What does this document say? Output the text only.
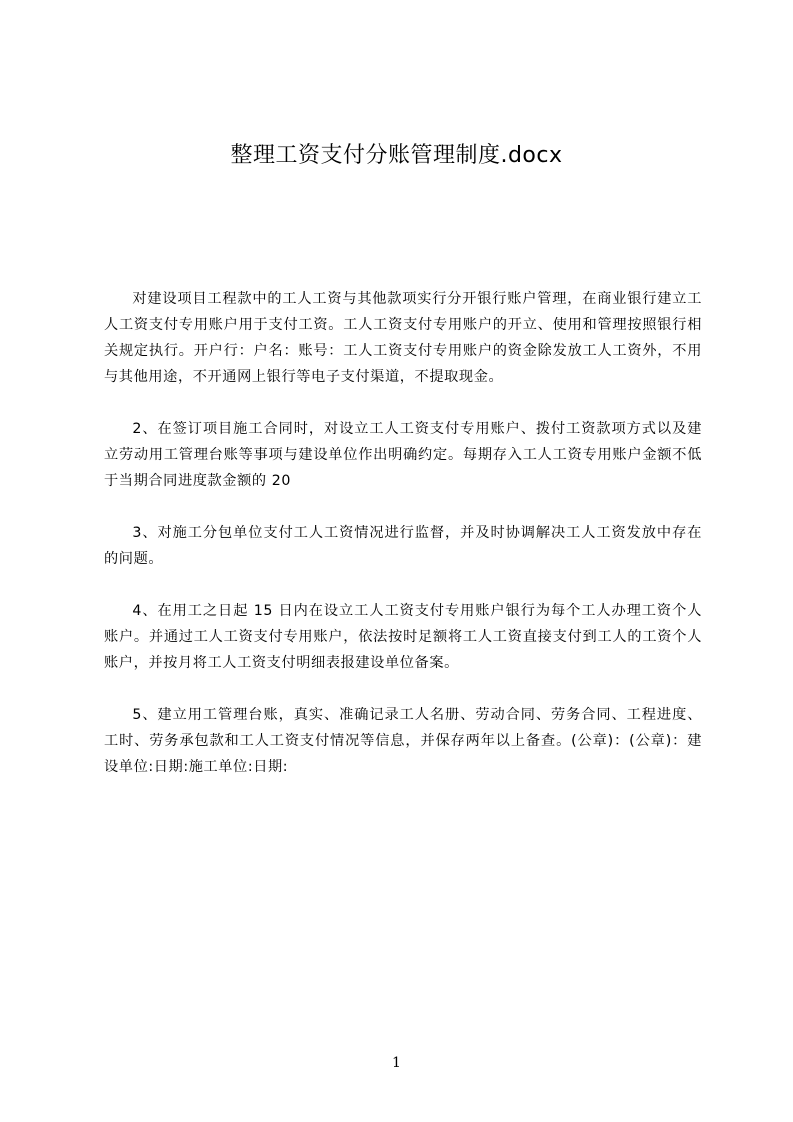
整理工资支付分账管理制度.docx

对建设项目工程款中的工人工资与其他款项实行分开银行账户管理，在商业银行建立工人工资支付专用账户用于支付工资。工人工资支付专用账户的开立、使用和管理按照银行相关规定执行。开户行：户名：账号：工人工资支付专用账户的资金除发放工人工资外，不用与其他用途，不开通网上银行等电子支付渠道，不提取现金。

2、在签订项目施工合同时，对设立工人工资支付专用账户、拨付工资款项方式以及建立劳动用工管理台账等事项与建设单位作出明确约定。每期存入工人工资专用账户金额不低于当期合同进度款金额的 20

3、对施工分包单位支付工人工资情况进行监督，并及时协调解决工人工资发放中存在的问题。

4、在用工之日起 15 日内在设立工人工资支付专用账户银行为每个工人办理工资个人账户。并通过工人工资支付专用账户，依法按时足额将工人工资直接支付到工人的工资个人账户，并按月将工人工资支付明细表报建设单位备案。

5、建立用工管理台账，真实、准确记录工人名册、劳动合同、劳务合同、工程进度、工时、劳务承包款和工人工资支付情况等信息，并保存两年以上备查。(公章)：(公章)：建设单位:日期:施工单位:日期:

1
